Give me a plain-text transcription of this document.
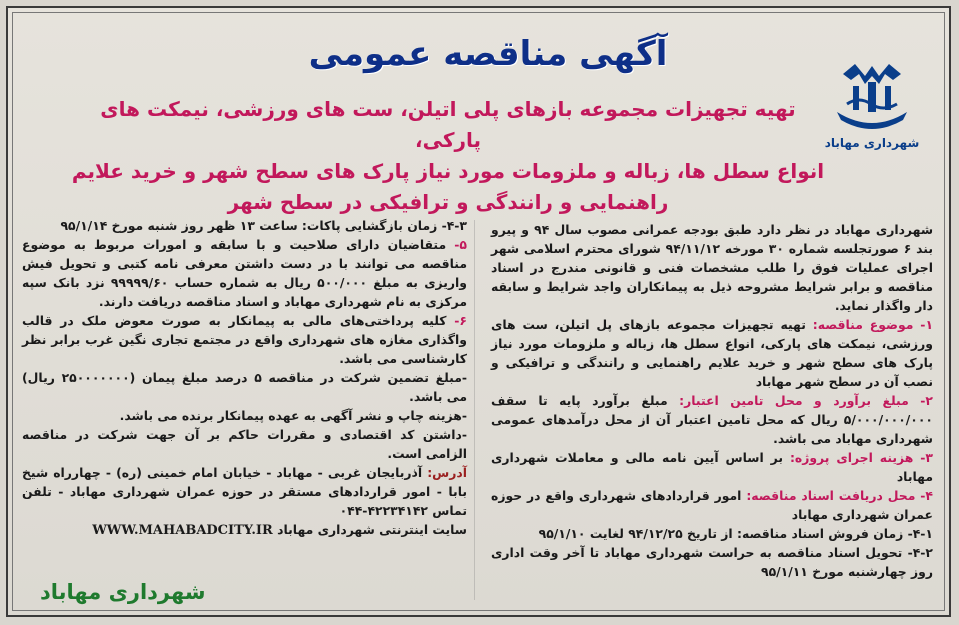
آگهی مناقصه عمومی
شهرداری مهاباد
تهیه تجهیزات مجموعه بازهای پلی اتیلن، ست های ورزشی، نیمکت های پارکی،
انواع سطل ها، زباله و ملزومات مورد نیاز پارک های سطح شهر و خرید علایم
راهنمایی و رانندگی و ترافیکی در سطح شهر

شهرداری مهاباد در نظر دارد طبق بودجه عمرانی مصوب سال ۹۴ و پیرو بند ۶ صورتجلسه شماره ۳۰ مورخه ۹۴/۱۱/۱۲ شورای محترم اسلامی شهر اجرای عملیات فوق را طلب مشخصات فنی و قانونی مندرج در اسناد مناقصه و برابر شرایط مشروحه ذیل به پیمانکاران واجد شرایط و سابقه دار واگذار نماید.

۱- موضوع مناقصه: تهیه تجهیزات مجموعه بازهای پل اتیلن، ست های ورزشی، نیمکت های پارکی، انواع سطل ها، زباله و ملزومات مورد نیاز پارک های سطح شهر و خرید علایم راهنمایی و رانندگی و ترافیکی و نصب آن در سطح شهر مهاباد

۲- مبلغ برآورد و محل تامین اعتبار: مبلغ برآورد پایه تا سقف ۵/۰۰۰/۰۰۰/۰۰۰ ریال که محل تامین اعتبار آن از محل درآمدهای عمومی شهرداری مهاباد می باشد.

۳- هزینه اجرای پروژه: بر اساس آیین نامه مالی و معاملات شهرداری مهاباد

۴- محل دریافت اسناد مناقصه: امور قراردادهای شهرداری واقع در حوزه عمران شهرداری مهاباد

۴-۱- زمان فروش اسناد مناقصه: از تاریخ ۹۴/۱۲/۲۵ لغایت ۹۵/۱/۱۰

۴-۲- تحویل اسناد مناقصه به حراست شهرداری مهاباد تا آخر وقت اداری روز چهارشنبه مورخ ۹۵/۱/۱۱

۴-۳- زمان بازگشایی پاکات: ساعت ۱۳ ظهر روز شنبه مورخ ۹۵/۱/۱۴

۵- متقاضیان دارای صلاحیت و با سابقه و امورات مربوط به موضوع مناقصه می توانند با در دست داشتن معرفی نامه کتبی و تحویل فیش واریزی به مبلغ ۵۰۰/۰۰۰ ریال به شماره حساب ۹۹۹۹۹/۶۰ نزد بانک سپه مرکزی به نام شهرداری مهاباد و اسناد مناقصه دریافت دارند.

۶- کلیه پرداختی‌های مالی به پیمانکار به صورت معوض ملک در قالب واگذاری مغازه های شهرداری واقع در مجتمع تجاری نگین غرب برابر نظر کارشناسی می باشد.

-مبلغ تضمین شرکت در مناقصه ۵ درصد مبلغ پیمان (۲۵۰۰۰۰۰۰۰ ریال) می باشد.

-هزینه چاپ و نشر آگهی به عهده پیمانکار برنده می باشد.

-داشتن کد اقتصادی و مقررات حاکم بر آن جهت شرکت در مناقصه الزامی است.

آدرس: آذربایجان غربی - مهاباد - خیابان امام خمینی (ره) - چهارراه شیخ بابا - امور قراردادهای مستقر در حوزه عمران شهرداری مهاباد - تلفن تماس ۴۲۲۳۴۱۴۲-۰۴۴

سایت اینترنتی شهرداری مهاباد WWW.MAHABADCITY.IR

شهرداری مهاباد
